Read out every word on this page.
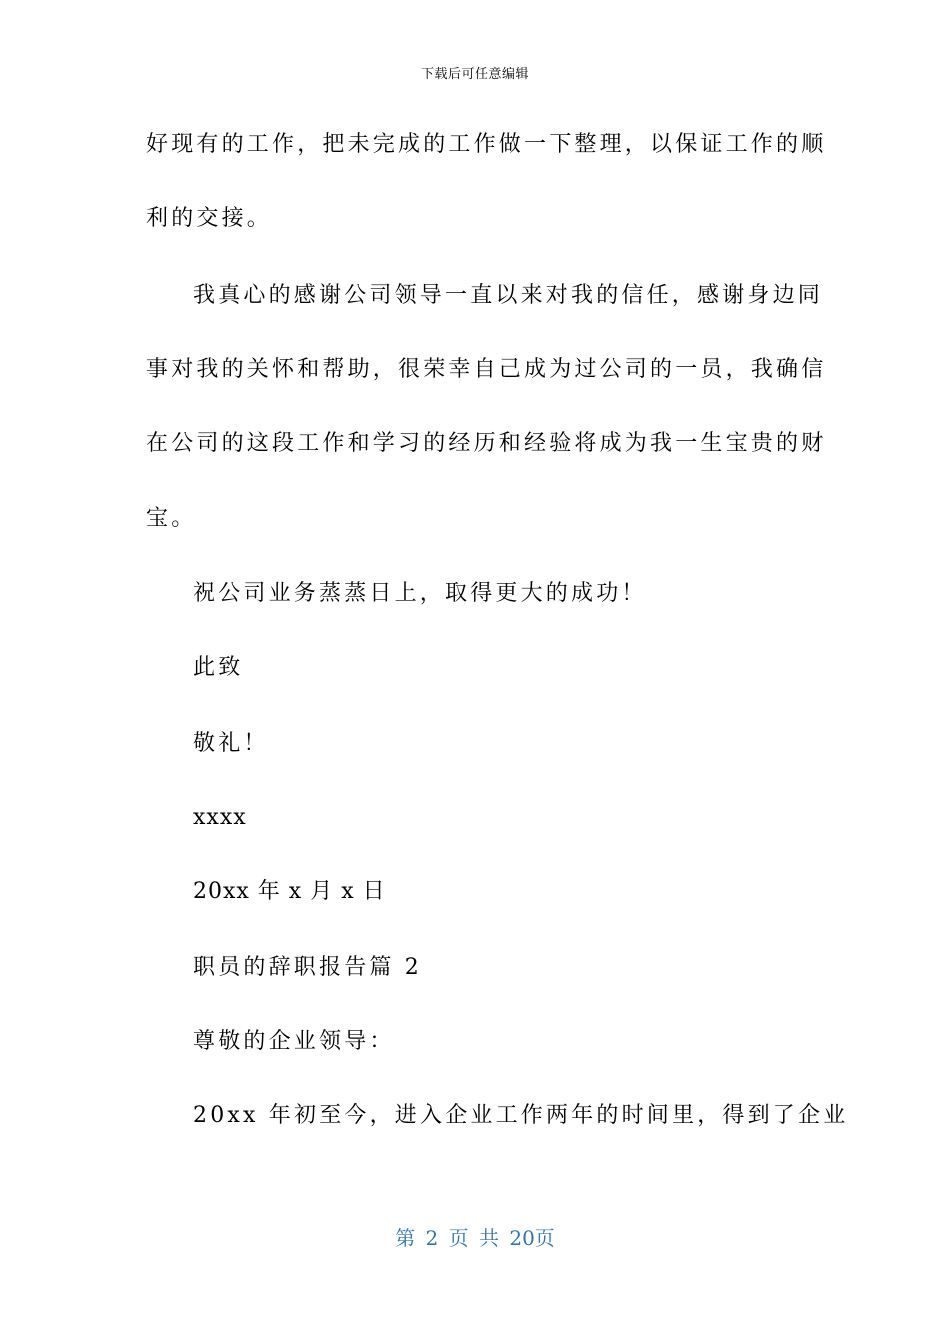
下载后可任意编辑
好现有的工作，把未完成的工作做一下整理，以保证工作的顺
利的交接。
我真心的感谢公司领导一直以来对我的信任，感谢身边同
事对我的关怀和帮助，很荣幸自己成为过公司的一员，我确信
在公司的这段工作和学习的经历和经验将成为我一生宝贵的财
宝。
祝公司业务蒸蒸日上，取得更大的成功！
此致
敬礼！
xxxx
20xx 年 x 月 x 日
职员的辞职报告篇 2
尊敬的企业领导：
20xx 年初至今，进入企业工作两年的时间里，得到了企业
第 2 页 共 20页
